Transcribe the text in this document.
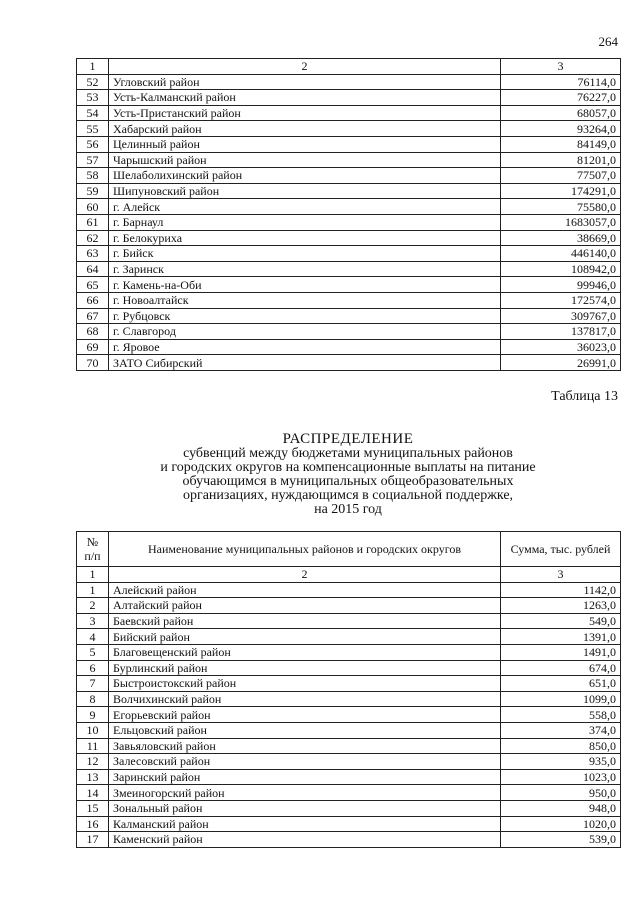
264
1	2	3
52	Угловский район	76114,0
53	Усть-Калманский район	76227,0
54	Усть-Пристанский район	68057,0
55	Хабарский район	93264,0
56	Целинный район	84149,0
57	Чарышский район	81201,0
58	Шелаболихинский район	77507,0
59	Шипуновский район	174291,0
60	г. Алейск	75580,0
61	г. Барнаул	1683057,0
62	г. Белокуриха	38669,0
63	г. Бийск	446140,0
64	г. Заринск	108942,0
65	г. Камень-на-Оби	99946,0
66	г. Новоалтайск	172574,0
67	г. Рубцовск	309767,0
68	г. Славгород	137817,0
69	г. Яровое	36023,0
70	ЗАТО Сибирский	26991,0
Таблица 13
РАСПРЕДЕЛЕНИЕ
субвенций между бюджетами муниципальных районов
и городских округов на компенсационные выплаты на питание
обучающимся в муниципальных общеобразовательных
организациях, нуждающимся в социальной поддержке,
на 2015 год
№ п/п	Наименование муниципальных районов и городских округов	Сумма, тыс. рублей
1	2	3
1	Алейский район	1142,0
2	Алтайский район	1263,0
3	Баевский район	549,0
4	Бийский район	1391,0
5	Благовещенский район	1491,0
6	Бурлинский район	674,0
7	Быстроистокский район	651,0
8	Волчихинский район	1099,0
9	Егорьевский район	558,0
10	Ельцовский район	374,0
11	Завьяловский район	850,0
12	Залесовский район	935,0
13	Заринский район	1023,0
14	Змеиногорский район	950,0
15	Зональный район	948,0
16	Калманский район	1020,0
17	Каменский район	539,0
